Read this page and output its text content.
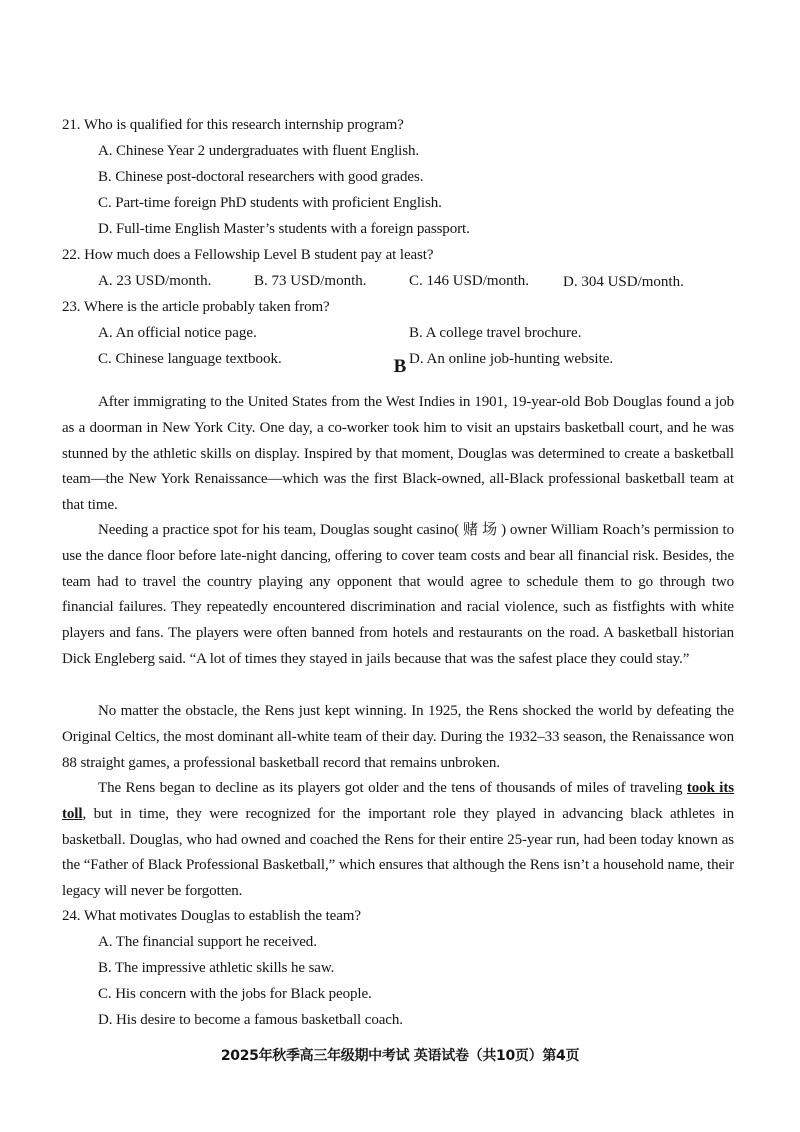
21. Who is qualified for this research internship program?
A. Chinese Year 2 undergraduates with fluent English.
B. Chinese post-doctoral researchers with good grades.
C. Part-time foreign PhD students with proficient English.
D. Full-time English Master’s students with a foreign passport.
22. How much does a Fellowship Level B student pay at least?
A. 23 USD/month.	B. 73 USD/month.	C. 146 USD/month. D. 304 USD/month.
23. Where is the article probably taken from?
A. An official notice page.	B. A college travel brochure.
C. Chinese language textbook.	D. An online job-hunting website.
B

After immigrating to the United States from the West Indies in 1901, 19-year-old Bob Douglas found a job as a doorman in New York City. One day, a co-worker took him to visit an upstairs basketball court, and he was stunned by the athletic skills on display. Inspired by that moment, Douglas was determined to create a basketball team—the New York Renaissance—which was the first Black-owned, all-Black professional basketball team at that time.

Needing a practice spot for his team, Douglas sought casino( 赌 场 ) owner William Roach’s permission to use the dance floor before late-night dancing, offering to cover team costs and bear all financial risk. Besides, the team had to travel the country playing any opponent that would agree to schedule them to go through two financial failures. They repeatedly encountered discrimination and racial violence, such as fistfights with white players and fans. The players were often banned from hotels and restaurants on the road. A basketball historian Dick Engleberg said. “A lot of times they stayed in jails because that was the safest place they could stay.”

No matter the obstacle, the Rens just kept winning. In 1925, the Rens shocked the world by defeating the Original Celtics, the most dominant all-white team of their day. During the 1932–33 season, the Renaissance won 88 straight games, a professional basketball record that remains unbroken.

The Rens began to decline as its players got older and the tens of thousands of miles of traveling took its toll, but in time, they were recognized for the important role they played in advancing black athletes in basketball. Douglas, who had owned and coached the Rens for their entire 25-year run, had been today known as the “Father of Black Professional Basketball,” which ensures that although the Rens isn’t a household name, their legacy will never be forgotten.

24. What motivates Douglas to establish the team?
A. The financial support he received.
B. The impressive athletic skills he saw.
C. His concern with the jobs for Black people.
D. His desire to become a famous basketball coach.
2025年秋季高三年级期中考试 英语试卷（共10页）第4页
